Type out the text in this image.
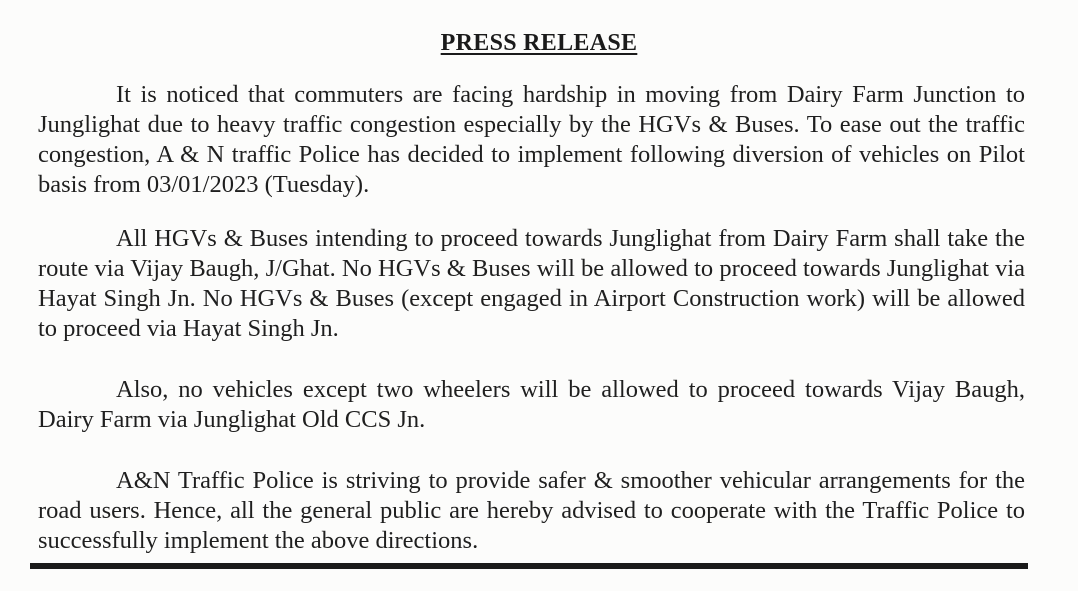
PRESS RELEASE

It is noticed that commuters are facing hardship in moving from Dairy Farm Junction to Junglighat due to heavy traffic congestion especially by the HGVs & Buses. To ease out the traffic congestion, A & N traffic Police has decided to implement following diversion of vehicles on Pilot basis from 03/01/2023 (Tuesday).

All HGVs & Buses intending to proceed towards Junglighat from Dairy Farm shall take the route via Vijay Baugh, J/Ghat. No HGVs & Buses will be allowed to proceed towards Junglighat via Hayat Singh Jn. No HGVs & Buses (except engaged in Airport Construction work) will be allowed to proceed via Hayat Singh Jn.

Also, no vehicles except two wheelers will be allowed to proceed towards Vijay Baugh, Dairy Farm via Junglighat Old CCS Jn.

A&N Traffic Police is striving to provide safer & smoother vehicular arrangements for the road users. Hence, all the general public are hereby advised to cooperate with the Traffic Police to successfully implement the above directions.
